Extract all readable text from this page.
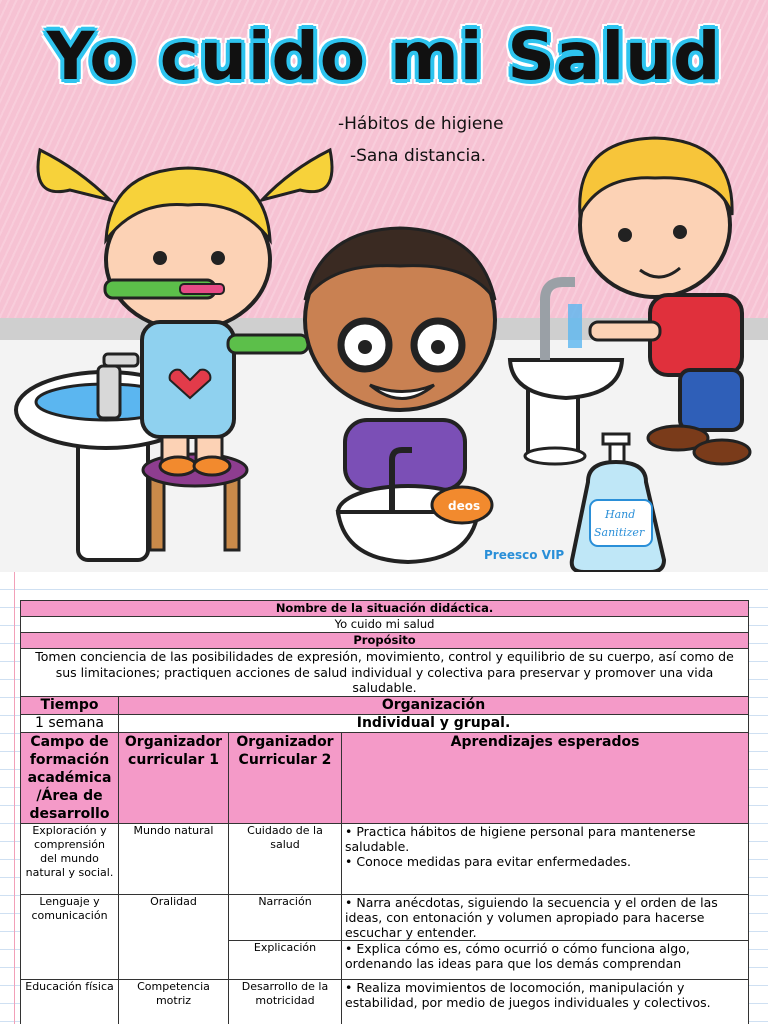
deos
Hand
Sanitizer
Yo cuido mi Salud
-Hábitos de higiene
-Sana distancia.
Preesco VIP
Nombre de la situación didáctica.			
Yo cuido mi salud			
Propósito			
Tomen conciencia de las posibilidades de expresión, movimiento, control y equilibrio de su cuerpo, así como de sus limitaciones; practiquen acciones de salud individual y colectiva para preservar y promover una vida saludable.			
Tiempo	Organización		
1 semana	Individual y grupal.		
Campo de formación académica /Área de desarrollo	Organizador curricular 1	Organizador Curricular 2	Aprendizajes esperados
Exploración y comprensión del mundo natural y social.	Mundo natural	Cuidado de la salud	• Practica hábitos de higiene personal para mantenerse saludable.
• Conoce medidas para evitar enfermedades.

Lenguaje y comunicación	Oralidad	Narración	• Narra anécdotas, siguiendo la secuencia y el orden de las ideas, con entonación y volumen apropiado para hacerse escuchar y entender.
		Explicación	• Explica cómo es, cómo ocurrió o cómo funciona algo, ordenando las ideas para que los demás comprendan
Educación física	Competencia motriz	Desarrollo de la motricidad	• Realiza movimientos de locomoción, manipulación y estabilidad, por medio de juegos individuales y colectivos.
